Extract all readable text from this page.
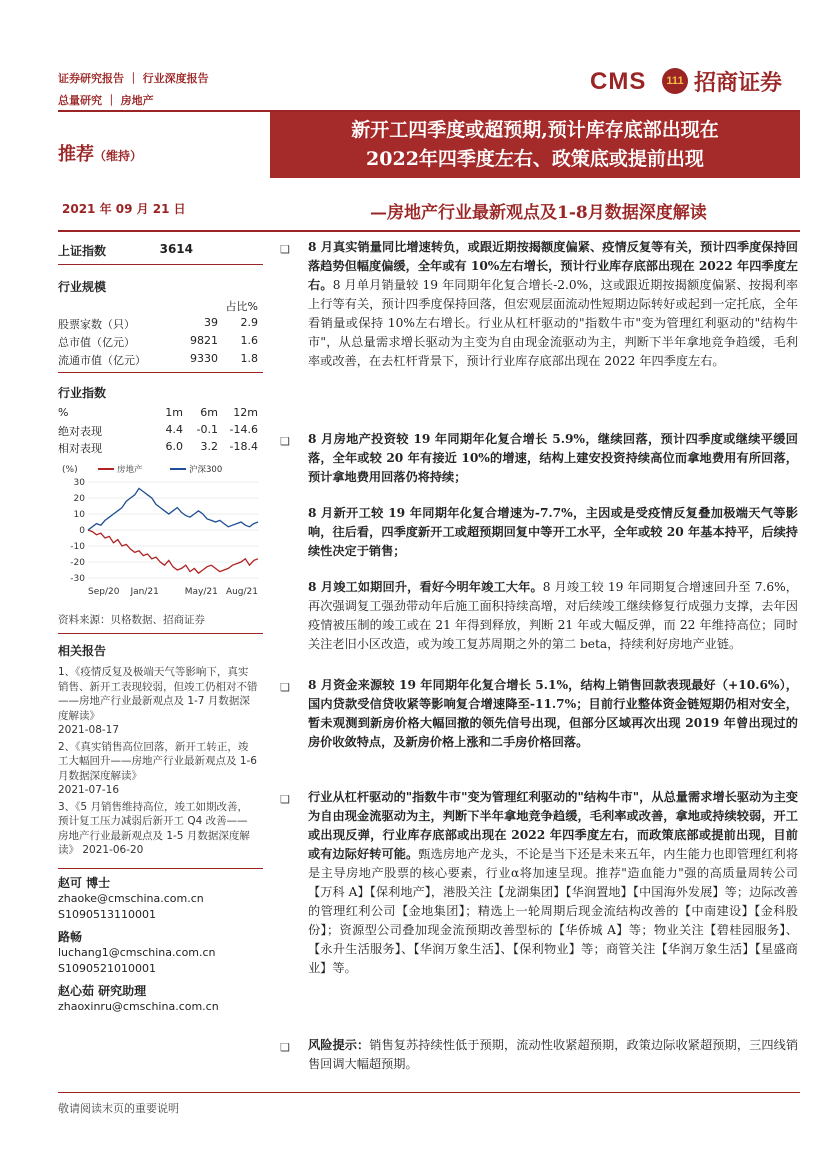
证券研究报告 ｜ 行业深度报告
总量研究 ｜ 房地产
CMS	111 招商证券
推荐（维持）
新开工四季度或超预期,预计库存底部出现在
2022年四季度左右、政策底或提前出现
2021 年 09 月 21 日	—房地产行业最新观点及1-8月数据深度解读
上证指数	3614
行业规模
占比%
股票家数（只）	39	2.9
总市值（亿元）	9821	1.6
流通市值（亿元）	9330	1.8
行业指数
%	1m	6m	12m
绝对表现	4.4	-0.1	-14.6
相对表现	6.0	3.2	-18.4
(%)	房地产	沪深300
30
20
10
0
-10
-20
-30
Sep/20 Jan/21	May/21 Aug/21
资料来源：贝格数据、招商证券
相关报告
1、《疫情反复及极端天气等影响下，真实销售、新开工表现较弱，但竣工仍相对不错——房地产行业最新观点及 1-7 月数据深度解读》
2021-08-17
2、《真实销售高位回落，新开工转正，竣工大幅回升——房地产行业最新观点及 1-6 月数据深度解读》
2021-07-16
3、《5 月销售维持高位，竣工如期改善，预计复工压力减弱后新开工 Q4 改善——房地产行业最新观点及 1-5 月数据深度解读》 2021-06-20
赵可 博士
zhaoke@cmschina.com.cn
S1090513110001
路畅
luchang1@cmschina.com.cn
S1090521010001
赵心茹 研究助理
zhaoxinru@cmschina.com.cn
❑ 8 月真实销量同比增速转负，或跟近期按揭额度偏紧、疫情反复等有关，预计四季度保持回落趋势但幅度偏缓，全年或有 10%左右增长，预计行业库存底部出现在 2022 年四季度左右。8 月单月销量较 19 年同期年化复合增长-2.0%，这或跟近期按揭额度偏紧、按揭利率上行等有关，预计四季度保持回落，但宏观层面流动性短期边际转好或起到一定托底，全年看销量或保持 10%左右增长。行业从杠杆驱动的"指数牛市"变为管理红利驱动的"结构牛市"，从总量需求增长驱动为主变为自由现金流驱动为主，判断下半年拿地竞争趋缓，毛利率或改善，在去杠杆背景下，预计行业库存底部出现在 2022 年四季度左右。
❑ 8 月房地产投资较 19 年同期年化复合增长 5.9%，继续回落，预计四季度或继续平缓回落，全年或较 20 年有接近 10%的增速，结构上建安投资持续高位而拿地费用有所回落，预计拿地费用回落仍将持续；
8 月新开工较 19 年同期年化复合增速为-7.7%，主因或是受疫情反复叠加极端天气等影响，往后看，四季度新开工或超预期回复中等开工水平，全年或较 20 年基本持平，后续持续性决定于销售；
8 月竣工如期回升，看好今明年竣工大年。8 月竣工较 19 年同期复合增速回升至 7.6%，再次强调复工强劲带动年后施工面积持续高增，对后续竣工继续修复行成强力支撑，去年因疫情被压制的竣工或在 21 年得到释放，判断 21 年或大幅反弹，而 22 年维持高位；同时关注老旧小区改造，或为竣工复苏周期之外的第二 beta，持续利好房地产业链。
❑ 8 月资金来源较 19 年同期年化复合增长 5.1%，结构上销售回款表现最好（+10.6%），国内贷款受信贷收紧等影响复合增速降至-11.7%；目前行业整体资金链短期仍相对安全，暂未观测到新房价格大幅回撤的领先信号出现，但部分区域再次出现 2019 年曾出现过的房价收敛特点，及新房价格上涨和二手房价格回落。
❑ 行业从杠杆驱动的"指数牛市"变为管理红利驱动的"结构牛市"，从总量需求增长驱动为主变为自由现金流驱动为主，判断下半年拿地竞争趋缓，毛利率或改善，拿地或持续较弱，开工或出现反弹，行业库存底部或出现在 2022 年四季度左右，而政策底部或提前出现，目前或有边际好转可能。甄选房地产龙头，不论是当下还是未来五年，内生能力也即管理红利将是主导房地产股票的核心要素，行业α将加速呈现。推荐"造血能力"强的高质量周转公司【万科 A】【保利地产】，港股关注【龙湖集团】【华润置地】【中国海外发展】等；边际改善的管理红利公司【金地集团】；精选上一轮周期后现金流结构改善的【中南建设】【金科股份】；资源型公司叠加现金流预期改善型标的【华侨城 A】等；物业关注【碧桂园服务】、【永升生活服务】、【华润万象生活】、【保利物业】等；商管关注【华润万象生活】【星盛商业】等。
❑ 风险提示：销售复苏持续性低于预期，流动性收紧超预期，政策边际收紧超预期，三四线销售回调大幅超预期。
敬请阅读末页的重要说明
